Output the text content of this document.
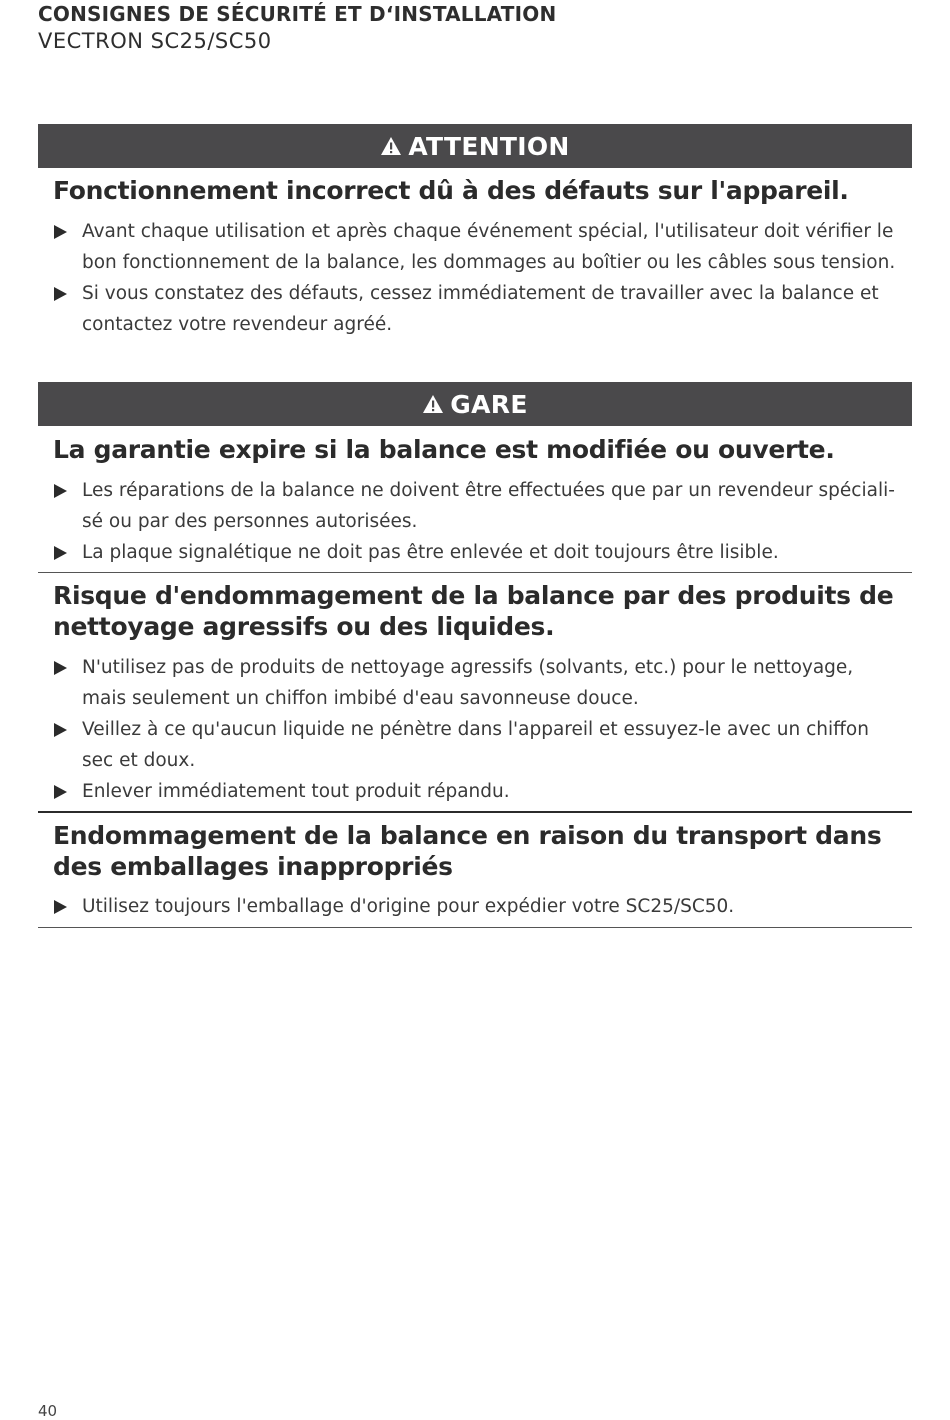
CONSIGNES DE SÉCURITÉ ET D‘INSTALLATION
VECTRON SC25/SC50
ATTENTION
Fonctionnement incorrect dû à des défauts sur l'appareil.
Avant chaque utilisation et après chaque événement spécial, l'utilisateur doit vérifier le bon fonctionnement de la balance, les dommages au boîtier ou les câbles sous tension.
Si vous constatez des défauts, cessez immédiatement de travailler avec la balance et contactez votre revendeur agréé.
GARE
La garantie expire si la balance est modifiée ou ouverte.
Les réparations de la balance ne doivent être effectuées que par un revendeur spéciali-sé ou par des personnes autorisées.
La plaque signalétique ne doit pas être enlevée et doit toujours être lisible.
Risque d'endommagement de la balance par des produits de nettoyage agressifs ou des liquides.
N'utilisez pas de produits de nettoyage agressifs (solvants, etc.) pour le nettoyage, mais seulement un chiffon imbibé d'eau savonneuse douce.
Veillez à ce qu'aucun liquide ne pénètre dans l'appareil et essuyez-le avec un chiffon sec et doux.
Enlever immédiatement tout produit répandu.
Endommagement de la balance en raison du transport dans des emballages inappropriés
Utilisez toujours l'emballage d'origine pour expédier votre SC25/SC50.
40
